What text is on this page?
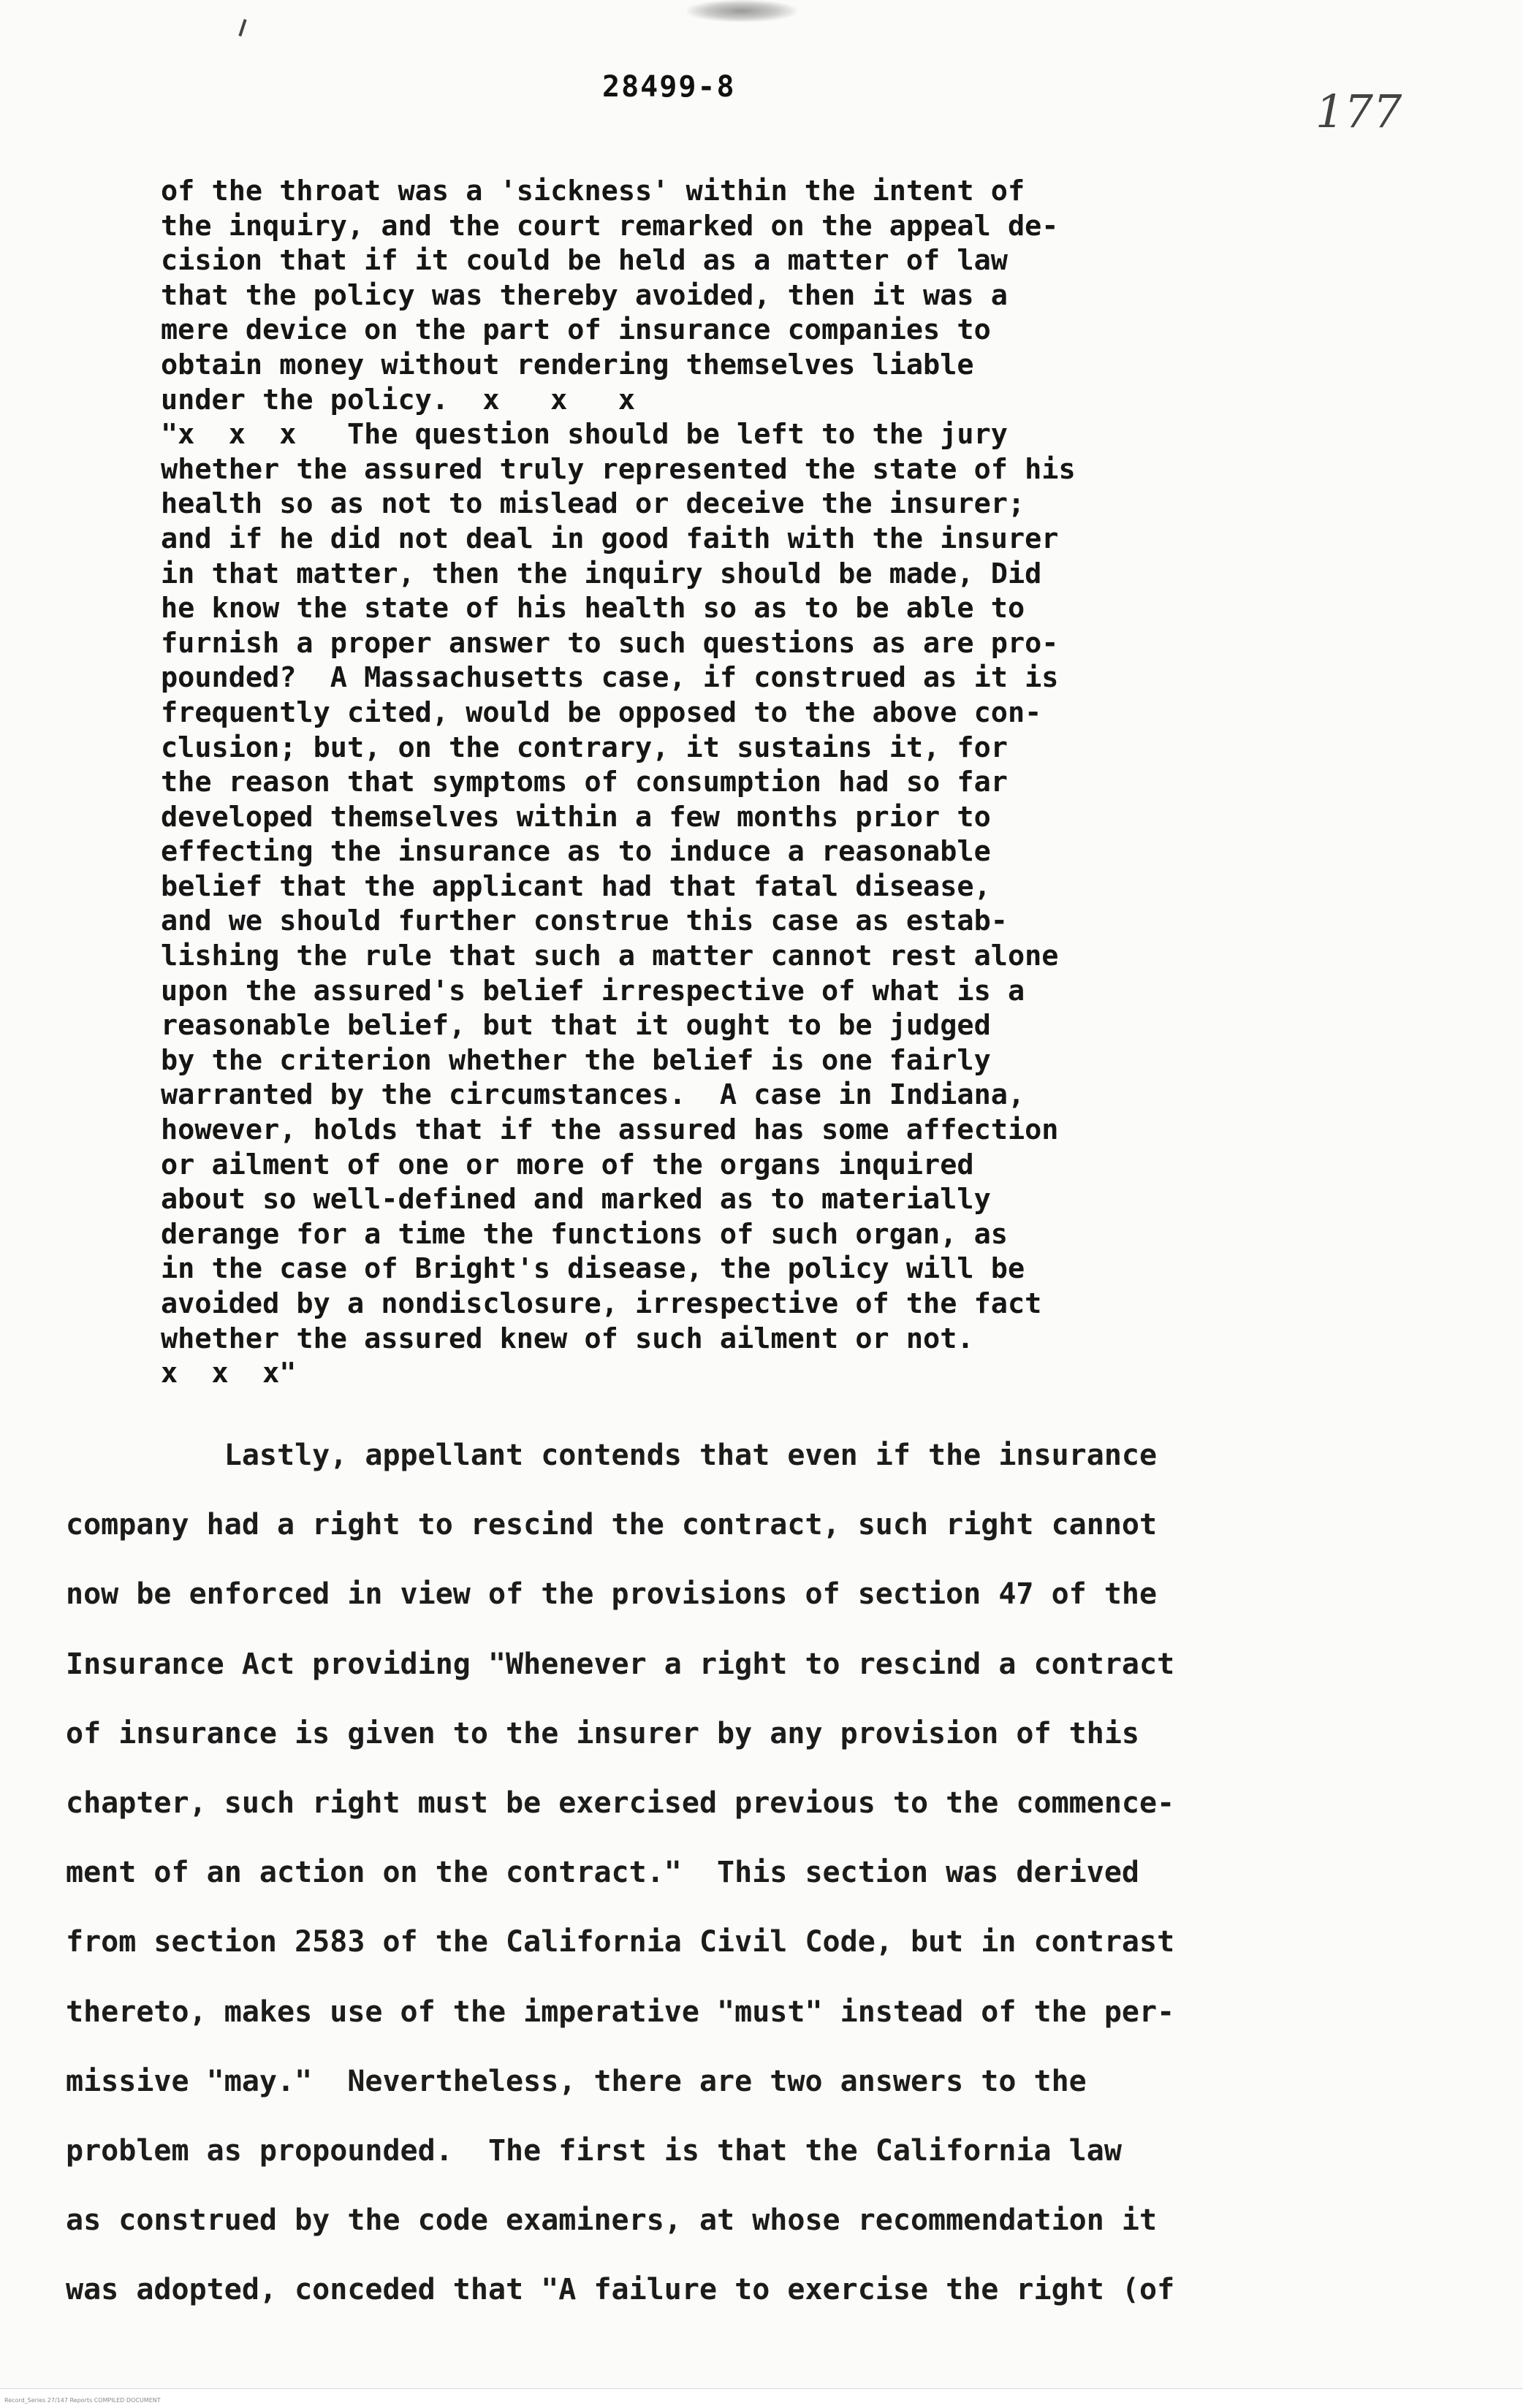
28499-8	177
of the throat was a 'sickness' within the intent of
the inquiry, and the court remarked on the appeal de-
cision that if it could be held as a matter of law
that the policy was thereby avoided, then it was a
mere device on the part of insurance companies to
obtain money without rendering themselves liable
under the policy.  x   x   x
"x  x  x   The question should be left to the jury
whether the assured truly represented the state of his
health so as not to mislead or deceive the insurer;
and if he did not deal in good faith with the insurer
in that matter, then the inquiry should be made, Did
he know the state of his health so as to be able to
furnish a proper answer to such questions as are pro-
pounded?  A Massachusetts case, if construed as it is
frequently cited, would be opposed to the above con-
clusion; but, on the contrary, it sustains it, for
the reason that symptoms of consumption had so far
developed themselves within a few months prior to
effecting the insurance as to induce a reasonable
belief that the applicant had that fatal disease,
and we should further construe this case as estab-
lishing the rule that such a matter cannot rest alone
upon the assured's belief irrespective of what is a
reasonable belief, but that it ought to be judged
by the criterion whether the belief is one fairly
warranted by the circumstances.  A case in Indiana,
however, holds that if the assured has some affection
or ailment of one or more of the organs inquired
about so well-defined and marked as to materially
derange for a time the functions of such organ, as
in the case of Bright's disease, the policy will be
avoided by a nondisclosure, irrespective of the fact
whether the assured knew of such ailment or not.
x  x  x"
Lastly, appellant contends that even if the insurance
company had a right to rescind the contract, such right cannot
now be enforced in view of the provisions of section 47 of the
Insurance Act providing "Whenever a right to rescind a contract
of insurance is given to the insurer by any provision of this
chapter, such right must be exercised previous to the commence-
ment of an action on the contract."  This section was derived
from section 2583 of the California Civil Code, but in contrast
thereto, makes use of the imperative "must" instead of the per-
missive "may."  Nevertheless, there are two answers to the
problem as propounded.  The first is that the California law
as construed by the code examiners, at whose recommendation it
was adopted, conceded that "A failure to exercise the right (of
Record_Series 27/147 Reports COMPILED DOCUMENT
